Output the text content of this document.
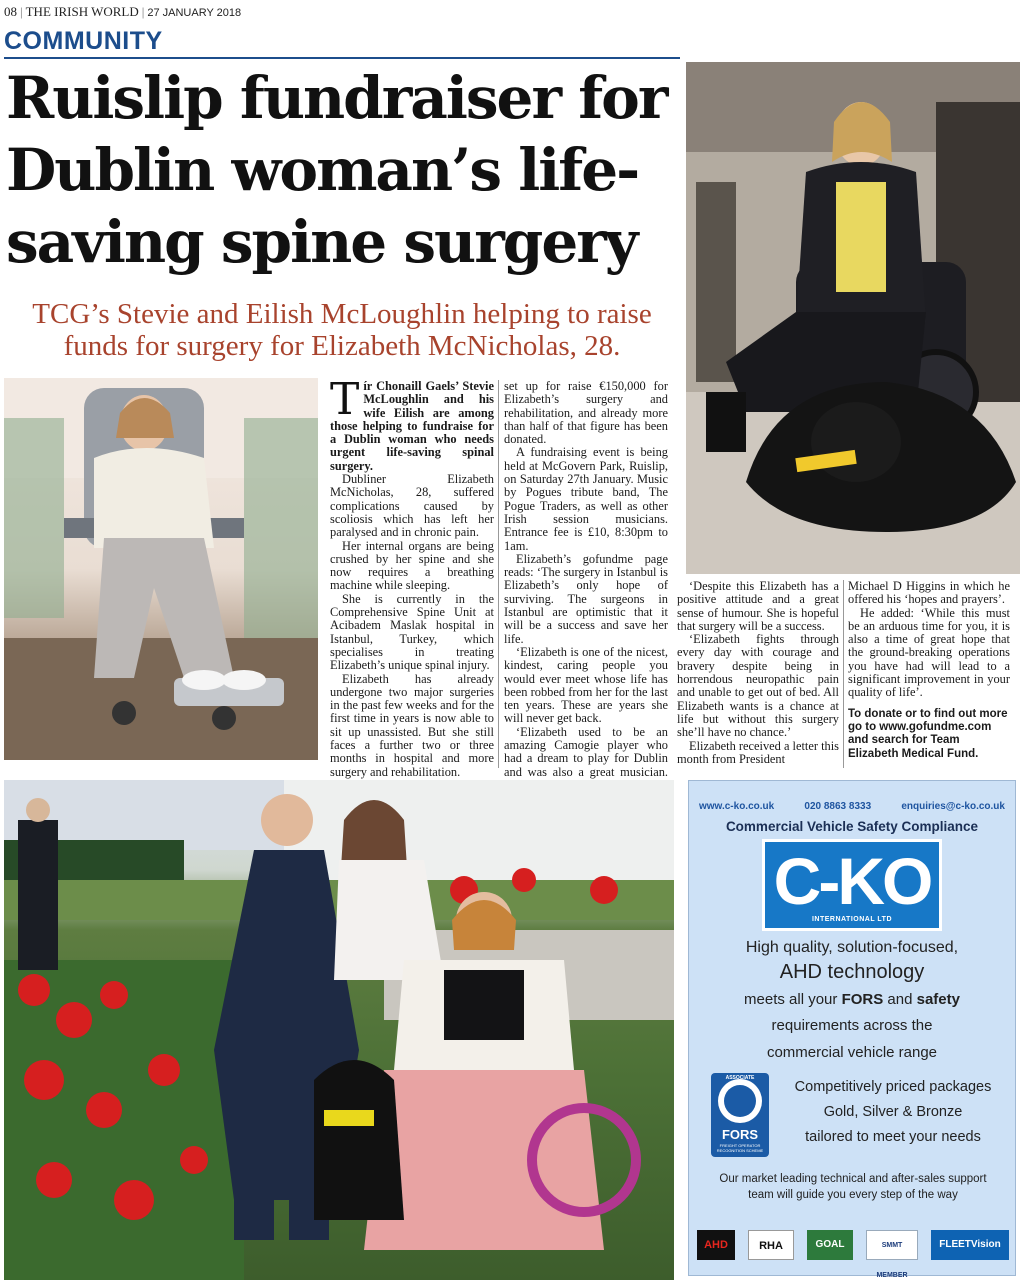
08 | THE IRISH WORLD | 27 JANUARY 2018
COMMUNITY
Ruislip fundraiser for Dublin woman’s life-saving spine surgery
TCG’s Stevie and Eilish McLoughlin helping to raise funds for surgery for Elizabeth McNicholas, 28.

Tír Chonaill Gaels’ Stevie McLoughlin and his wife Eilish are among those helping to fundraise for a Dublin woman who needs urgent life-saving spinal surgery.

Dubliner Elizabeth McNicholas, 28, suffered complications caused by scoliosis which has left her paralysed and in chronic pain.

Her internal organs are being crushed by her spine and she now requires a breathing machine while sleeping.

She is currently in the Comprehensive Spine Unit at Acibadem Maslak hospital in Istanbul, Turkey, which specialises in treating Elizabeth’s unique spinal injury.

Elizabeth has already undergone two major surgeries in the past few weeks and for the first time in years is now able to sit up unassisted. But she still faces a further two or three months in hospital and more surgery and rehabilitation.

set up for raise €150,000 for Elizabeth’s surgery and rehabilitation, and already more than half of that figure has been donated.

A fundraising event is being held at McGovern Park, Ruislip, on Saturday 27th January. Music by Pogues tribute band, The Pogue Traders, as well as other Irish session musicians. Entrance fee is £10, 8:30pm to 1am.

Elizabeth’s gofundme page reads: ‘The surgery in Istanbul is Elizabeth’s only hope of surviving. The surgeons in Istanbul are optimistic that it will be a success and save her life.

‘Elizabeth is one of the nicest, kindest, caring people you would ever meet whose life has been robbed from her for the last ten years. These are years she will never get back.

‘Elizabeth used to be an amazing Camogie player who had a dream to play for Dublin and was also a great musician.

‘Despite this Elizabeth has a positive attitude and a great sense of humour. She is hopeful that surgery will be a success.

‘Elizabeth fights through every day with courage and bravery despite being in horrendous neuropathic pain and unable to get out of bed. All Elizabeth wants is a chance at life but without this surgery she’ll have no chance.’

Elizabeth received a letter this month from President

Michael D Higgins in which he offered his ‘hopes and prayers’.

He added: ‘While this must be an arduous time for you, it is also a time of great hope that the ground-breaking operations you have had will lead to a significant improvement in your quality of life’.

To donate or to find out more go to www.gofundme.com and search for Team Elizabeth Medical Fund.

www.c-ko.co.uk	020 8863 8333	enquiries@c-ko.co.uk
Commercial Vehicle Safety Compliance
C-KO
INTERNATIONAL LTD
High quality, solution-focused,
AHD technology
meets all your FORS and safety
requirements across the
commercial vehicle range
ASSOCIATE
FORS
FREIGHT OPERATOR RECOGNITION SCHEME
Competitively priced packages
Gold, Silver & Bronze
tailored to meet your needs
Our market leading technical and after-sales support team will guide you every step of the way
AHD	RHA	GOAL	SMMT MEMBER
FLEETVision
